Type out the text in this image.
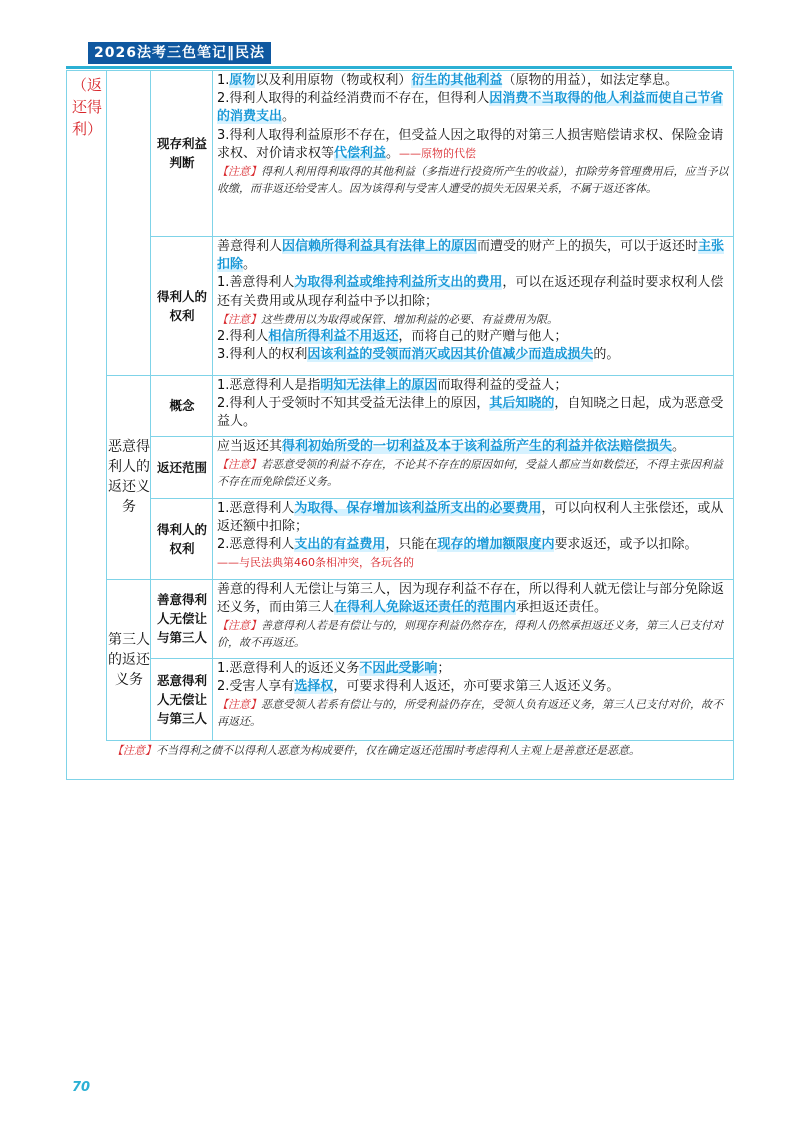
2026法考三色笔记‖民法
（返还得利）
恶意得利人的返还义务
第三人的返还义务
现存利益判断
得利人的权利
概念
返还范围
得利人的权利
善意得利人无偿让与第三人
恶意得利人无偿让与第三人
1.原物以及利用原物（物或权利）衍生的其他利益（原物的用益），如法定孳息。
2.得利人取得的利益经消费而不存在，但得利人因消费不当取得的他人利益而使自己节省的消费支出。
3.得利人取得利益原形不存在，但受益人因之取得的对第三人损害赔偿请求权、保险金请求权、对价请求权等代偿利益。——原物的代偿
【注意】得利人利用得利取得的其他利益（多指进行投资所产生的收益），扣除劳务管理费用后，应当予以收缴，而非返还给受害人。因为该得利与受害人遭受的损失无因果关系，不属于返还客体。
善意得利人因信赖所得利益具有法律上的原因而遭受的财产上的损失，可以于返还时主张扣除。
1.善意得利人为取得利益或维持利益所支出的费用，可以在返还现存利益时要求权利人偿还有关费用或从现存利益中予以扣除；
【注意】这些费用以为取得或保管、增加利益的必要、有益费用为限。
2.得利人相信所得利益不用返还，而将自己的财产赠与他人；
3.得利人的权利因该利益的受领而消灭或因其价值减少而造成损失的。
1.恶意得利人是指明知无法律上的原因而取得利益的受益人；
2.得利人于受领时不知其受益无法律上的原因，其后知晓的，自知晓之日起，成为恶意受益人。
应当返还其得利初始所受的一切利益及本于该利益所产生的利益并依法赔偿损失。
【注意】若恶意受领的利益不存在，不论其不存在的原因如何，受益人都应当如数偿还，不得主张因利益不存在而免除偿还义务。
1.恶意得利人为取得、保存增加该利益所支出的必要费用，可以向权利人主张偿还，或从返还额中扣除；
2.恶意得利人支出的有益费用，只能在现存的增加额限度内要求返还，或予以扣除。
——与民法典第460条相冲突，各玩各的
善意的得利人无偿让与第三人，因为现存利益不存在，所以得利人就无偿让与部分免除返还义务，而由第三人在得利人免除返还责任的范围内承担返还责任。
【注意】善意得利人若是有偿让与的，则现存利益仍然存在，得利人仍然承担返还义务，第三人已支付对价，故不再返还。
1.恶意得利人的返还义务不因此受影响；
2.受害人享有选择权，可要求得利人返还，亦可要求第三人返还义务。
【注意】恶意受领人若系有偿让与的，所受利益仍存在，受领人负有返还义务，第三人已支付对价，故不再返还。
【注意】不当得利之债不以得利人恶意为构成要件，仅在确定返还范围时考虑得利人主观上是善意还是恶意。
70
